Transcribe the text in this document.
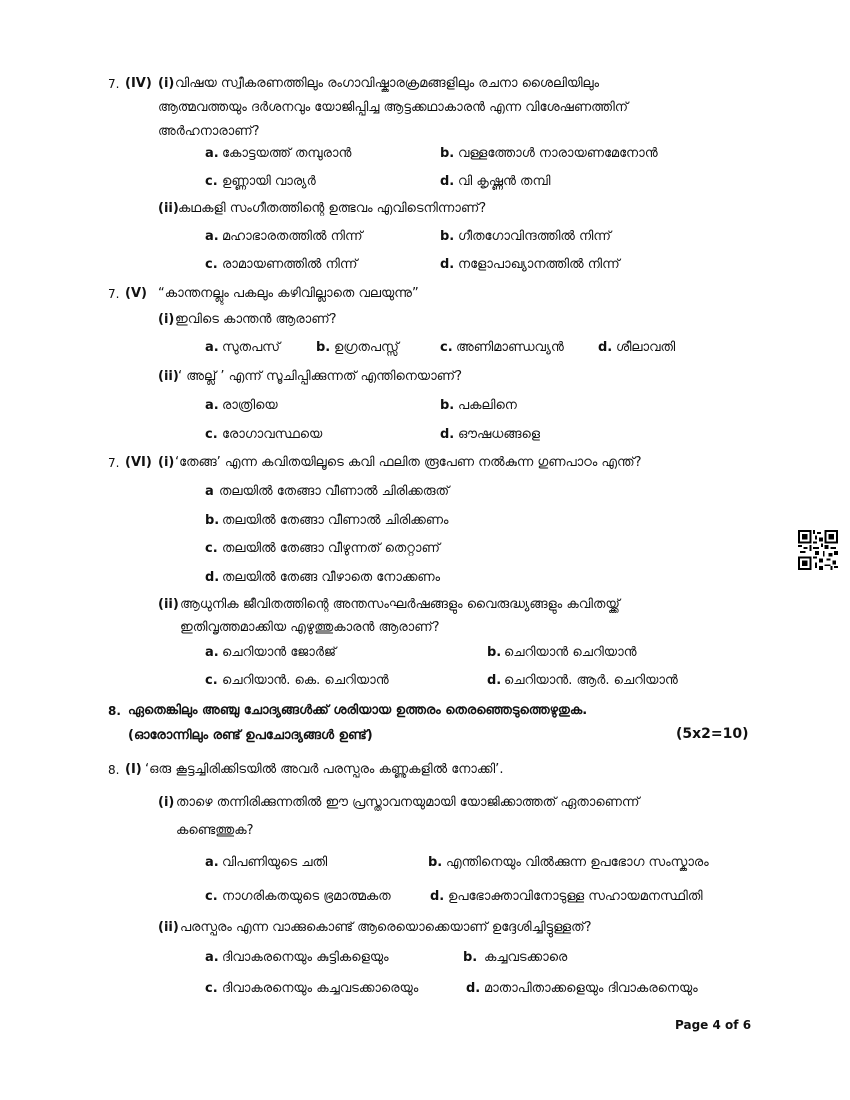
7. (IV) (i) വിഷയ സ്വീകരണത്തിലും രംഗാവിഷ്കാരക്രമങ്ങളിലും രചനാ ശൈലിയിലും
ആത്മവത്തയും ദർശനവും യോജിപ്പിച്ച ആട്ടക്കഥാകാരൻ എന്ന വിശേഷണത്തിന്
അർഹനാരാണ്?
a. കോട്ടയത്ത് തമ്പുരാൻ	b. വള്ളത്തോൾ നാരായണമേനോൻ
c. ഉണ്ണായി വാര്യർ	d. വി കൃഷ്ണൻ തമ്പി
(ii) കഥകളി സംഗീതത്തിന്റെ ഉത്ഭവം എവിടെനിന്നാണ്?
a. മഹാഭാരതത്തിൽ നിന്ന്	b. ഗീതഗോവിന്ദത്തിൽ നിന്ന്
c. രാമായണത്തിൽ നിന്ന്	d. നളോപാഖ്യാനത്തിൽ നിന്ന്
7. (V) “കാന്തനല്ലും പകലും കഴിവില്ലാതെ വലയുന്നു”
(i) ഇവിടെ കാന്തൻ ആരാണ്?
a. സുതപസ്	b. ഉഗ്രതപസ്സ്	c. അണിമാണ്ഡവ്യൻ	d. ശീലാവതി
(ii) ‘ അല്ല് ’ എന്ന് സൂചിപ്പിക്കുന്നത് എന്തിനെയാണ്?
a. രാത്രിയെ	b. പകലിനെ
c. രോഗാവസ്ഥയെ	d. ഔഷധങ്ങളെ
7. (VI) (i) ‘തേങ്ങ’ എന്ന കവിതയിലൂടെ കവി ഫലിത രൂപേണ നൽകുന്ന ഗുണപാഠം എന്ത്?
a തലയിൽ തേങ്ങാ വീണാൽ ചിരിക്കരുത്
b. തലയിൽ തേങ്ങാ വീണാൽ ചിരിക്കണം
c. തലയിൽ തേങ്ങാ വീഴുന്നത് തെറ്റാണ്
d. തലയിൽ തേങ്ങ വീഴാതെ നോക്കണം
(ii) ആധുനിക ജീവിതത്തിന്റെ അന്തസംഘർഷങ്ങളും വൈരുദ്ധ്യങ്ങളും കവിതയ്ക്ക്
ഇതിവൃത്തമാക്കിയ എഴുത്തുകാരൻ ആരാണ്?
a. ചെറിയാൻ ജോർജ്	b. ചെറിയാൻ ചെറിയാൻ
c. ചെറിയാൻ. കെ. ചെറിയാൻ	d. ചെറിയാൻ. ആർ. ചെറിയാൻ
8. ഏതെങ്കിലും അഞ്ചു ചോദ്യങ്ങൾക്ക് ശരിയായ ഉത്തരം തെരഞ്ഞെടുത്തെഴുതുക.
(ഓരോന്നിലും രണ്ട് ഉപചോദ്യങ്ങൾ ഉണ്ട്)	(5x2=10)
8. (I) ‘ഒരു കൂട്ടച്ചിരിക്കിടയിൽ അവർ പരസ്പരം കണ്ണുകളിൽ നോക്കി’.
(i) താഴെ തന്നിരിക്കുന്നതിൽ ഈ പ്രസ്താവനയുമായി യോജിക്കാത്തത് ഏതാണെന്ന്
കണ്ടെത്തുക?
a. വിപണിയുടെ ചതി	b. എന്തിനെയും വിൽക്കുന്ന ഉപഭോഗ സംസ്കാരം
c. നാഗരികതയുടെ ഭ്രമാത്മകത	d. ഉപഭോക്താവിനോടുള്ള സഹായമനസ്ഥിതി
(ii) പരസ്പരം എന്ന വാക്കുകൊണ്ട് ആരെയൊക്കെയാണ് ഉദ്ദേശിച്ചിട്ടുള്ളത്?
a. ദിവാകരനെയും കുട്ടികളെയും	b. കച്ചവടക്കാരെ
c. ദിവാകരനെയും കച്ചവടക്കാരെയും	d. മാതാപിതാക്കളെയും ദിവാകരനെയും
Page 4 of 6
